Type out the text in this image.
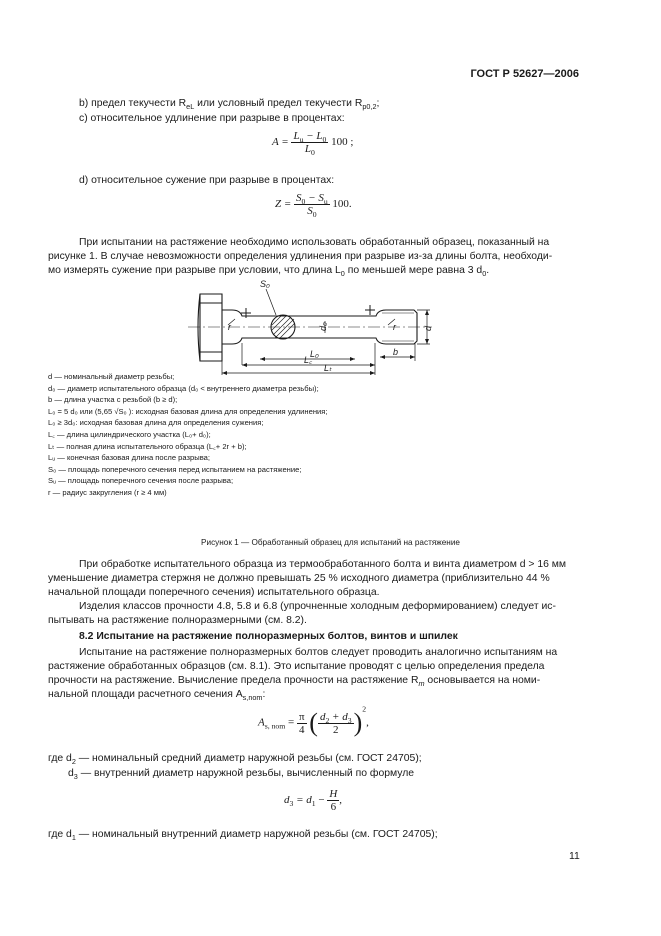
ГОСТ Р 52627—2006
b) предел текучести $R_{eL}$ или условный предел текучести $R_{p0,2}$;
c) относительное удлинение при разрыве в процентах:
$A = \frac{L_u - L_0}{L_0} 100$ ;
d) относительное сужение при разрыве в процентах:
$Z = \frac{S_0 - S_u}{S_0} 100$.
При испытании на растяжение необходимо использовать обработанный образец, показанный на
рисунке 1. В случае невозможности определения удлинения при разрыве из-за длины болта, необходи-
мо измерять сужение при разрыве при условии, что длина $L_0$ по меньшей мере равна 3 $d_0$.
S₀
r	r
d₀	d
L₀
L꜀
Lₜ
b
d — номинальный диаметр резьбы;
d₀ — диаметр испытательного образца (d₀ < внутреннего диаметра резьбы);
b — длина участка с резьбой (b ≥ d);
L₀ = 5 d₀ или (5,65 √S₀ ): исходная базовая длина для определения удлинения;
L₀ ≥ 3d₀: исходная базовая длина для определения сужения;
L꜀ — длина цилиндрического участка (L₀+ d₀);
Lₜ — полная длина испытательного образца (L꜀+ 2r + b);
Lᵤ — конечная базовая длина после разрыва;
S₀ — площадь поперечного сечения перед испытанием на растяжение;
Sᵤ — площадь поперечного сечения после разрыва;
r — радиус закругления (r ≥ 4 мм)
Рисунок 1 — Обработанный образец для испытаний на растяжение
При обработке испытательного образца из термообработанного болта и винта диаметром d > 16 мм
уменьшение диаметра стержня не должно превышать 25 % исходного диаметра (приблизительно 44 %
начальной площади поперечного сечения) испытательного образца.
Изделия классов прочности 4.8, 5.8 и 6.8 (упрочненные холодным деформированием) следует ис-
пытывать на растяжение полноразмерными (см. 8.2).
8.2 Испытание на растяжение полноразмерных болтов, винтов и шпилек
Испытание на растяжение полноразмерных болтов следует проводить аналогично испытаниям на
растяжение обработанных образцов (см. 8.1). Это испытание проводят с целью определения предела
прочности на растяжение. Вычисление предела прочности на растяжение $R_m$ основывается на номи-
нальной площади расчетного сечения $A_{s,nom}$:
$A_{s, nom} = \frac{\pi}{4}$ ( $\frac{d_2 + d_3}{2} )^2$,
где $d_2$ — номинальный средний диаметр наружной резьбы (см. ГОСТ 24705);
$d_3$ — внутренний диаметр наружной резьбы, вычисленный по формуле
$d_3 = d_1 - \frac{H}{6}$ ,
где $d_1$ — номинальный внутренний диаметр наружной резьбы (см. ГОСТ 24705);
11
